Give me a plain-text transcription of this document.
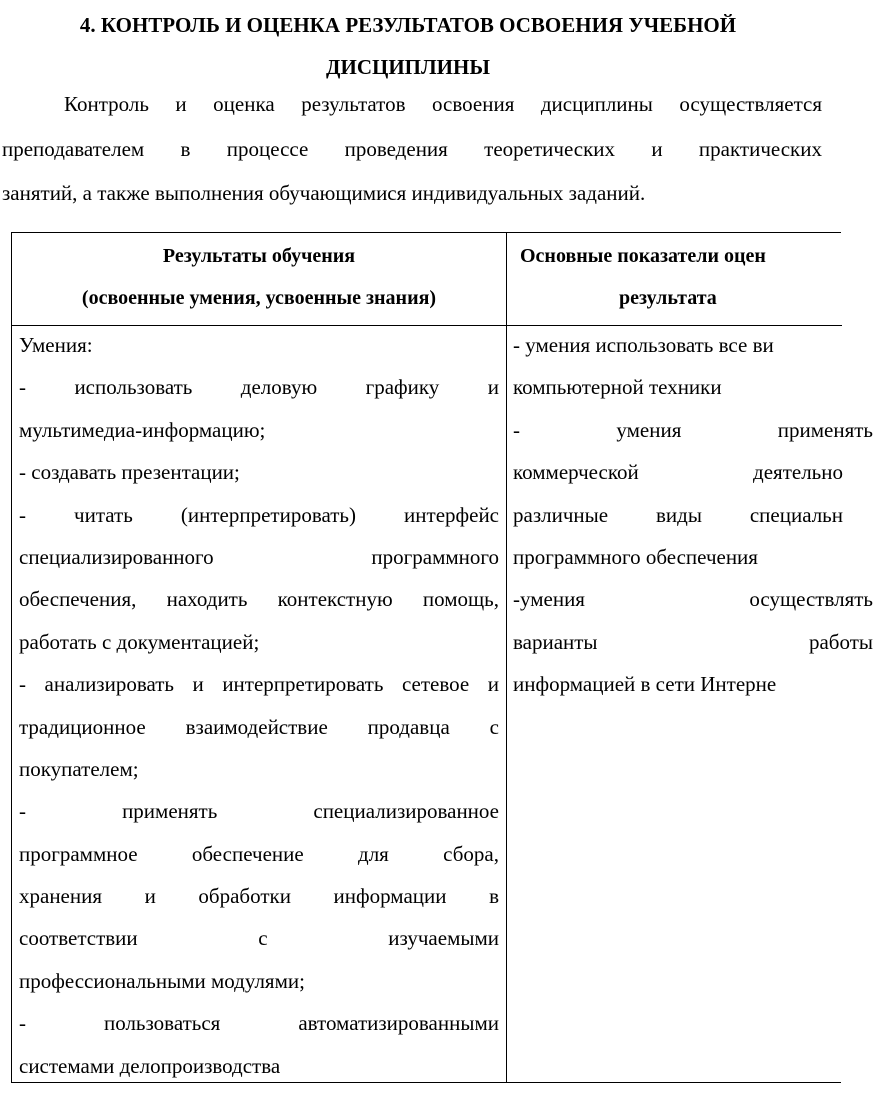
4. КОНТРОЛЬ И ОЦЕНКА РЕЗУЛЬТАТОВ ОСВОЕНИЯ УЧЕБНОЙ
ДИСЦИПЛИНЫ

Контроль и оценка результатов освоения дисциплины осуществляется
преподавателем в процессе проведения теоретических и практических
занятий, а также выполнения обучающимися индивидуальных заданий.

Результаты обучения
(освоенные умения, усвоенные знания)
Основные показатели оцен
результата
Умения:
- использовать деловую графику и
мультимедиа-информацию;
- создавать презентации;
- читать (интерпретировать) интерфейс
специализированного программного
обеспечения, находить контекстную помощь,
работать с документацией;
- анализировать и интерпретировать сетевое и
традиционное взаимодействие продавца с
покупателем;
- применять специализированное
программное обеспечение для сбора,
хранения и обработки информации в
соответствии с изучаемыми
профессиональными модулями;
- пользоваться автоматизированными
системами делопроизводства
- умения использовать все ви
компьютерной техники
- умения применять
коммерческой деятельно
различные виды специальн
программного обеспечения
-умения осуществлять
варианты работы
информацией в сети Интерне
